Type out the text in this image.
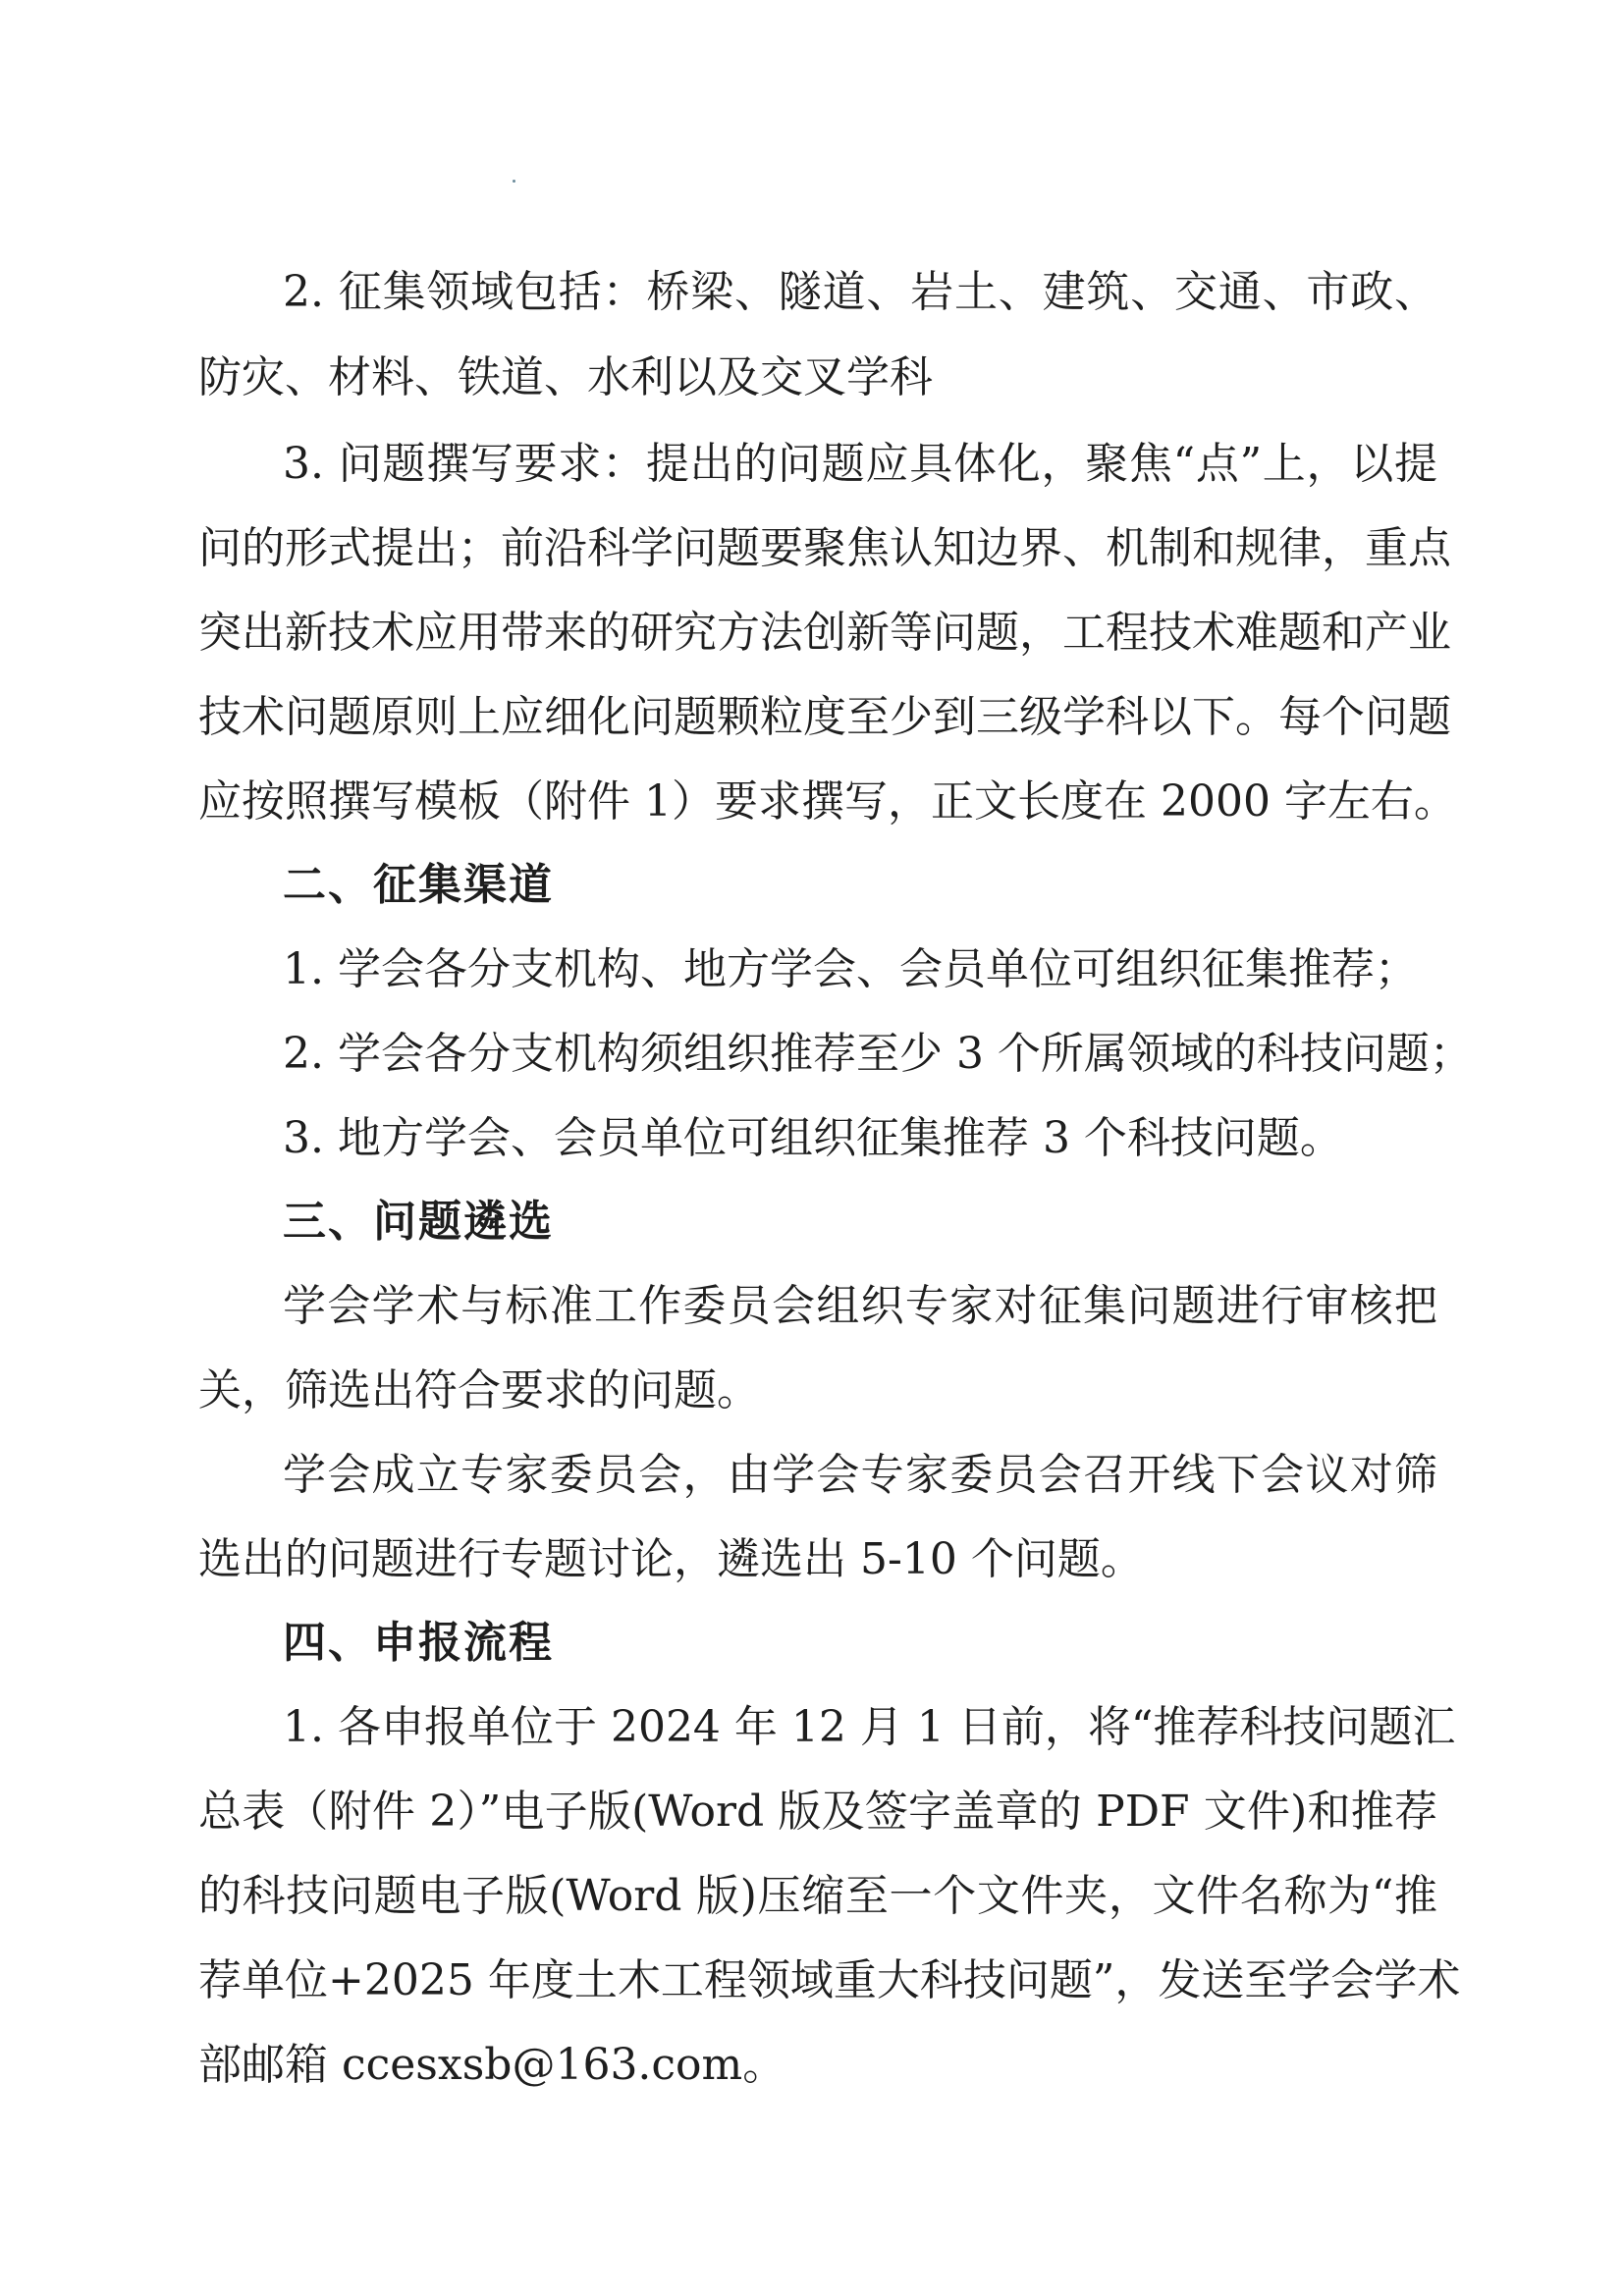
2. 征集领域包括：桥梁、隧道、岩土、建筑、交通、市政、
防灾、材料、铁道、水利以及交叉学科
3. 问题撰写要求：提出的问题应具体化，聚焦“点”上，以提
问的形式提出；前沿科学问题要聚焦认知边界、机制和规律，重点
突出新技术应用带来的研究方法创新等问题，工程技术难题和产业
技术问题原则上应细化问题颗粒度至少到三级学科以下。每个问题
应按照撰写模板（附件 1）要求撰写，正文长度在 2000 字左右。
二、征集渠道
1. 学会各分支机构、地方学会、会员单位可组织征集推荐；
2. 学会各分支机构须组织推荐至少 3 个所属领域的科技问题；
3. 地方学会、会员单位可组织征集推荐 3 个科技问题。
三、问题遴选
学会学术与标准工作委员会组织专家对征集问题进行审核把
关，筛选出符合要求的问题。
学会成立专家委员会，由学会专家委员会召开线下会议对筛
选出的问题进行专题讨论，遴选出 5-10 个问题。
四、申报流程
1. 各申报单位于 2024 年 12 月 1 日前，将“推荐科技问题汇
总表（附件 2）”电子版(Word 版及签字盖章的 PDF 文件)和推荐
的科技问题电子版(Word 版)压缩至一个文件夹，文件名称为“推
荐单位+2025 年度土木工程领域重大科技问题”，发送至学会学术
部邮箱 ccesxsb@163.com。
